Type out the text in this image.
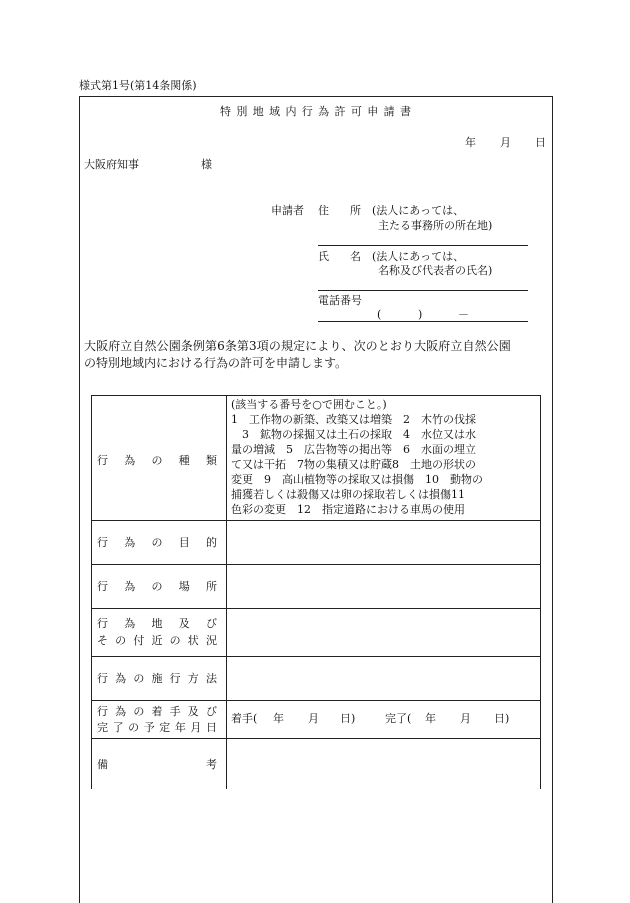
様式第1号(第14条関係)
特 別 地 域 内 行 為 許 可 申 請 書
年 月 日
大阪府知事	様
申請者 住 所 (法人にあっては、
主たる事務所の所在地)
氏 名 (法人にあっては、
名称及び代表者の氏名)
電話番号
(	)	－
大阪府立自然公園条例第6条第3項の規定により、次のとおり大阪府立自然公園
の特別地域内における行為の許可を申請します。
行 為 の 種 類
(該当する番号を○で囲むこと。)
1　工作物の新築、改築又は増築　2　木竹の伐採
　3　鉱物の採掘又は土石の採取　4　水位又は水
量の増減　5　広告物等の掲出等　6　水面の埋立
て又は干拓　7物の集積又は貯蔵8　土地の形状の
変更　9　高山植物等の採取又は損傷　10　動物の
捕獲若しくは殺傷又は卵の採取若しくは損傷11
色彩の変更　12　指定道路における車馬の使用
行 為 の 目 的
行 為 の 場 所
行 為 地 及 び
そ の 付 近 の 状 況
行 為 の 施 行 方 法
行 為 の 着 手 及 び
完 了 の 予 定 年 月 日
着手( 年 月 日)	完了( 年 月 日)
備	考
